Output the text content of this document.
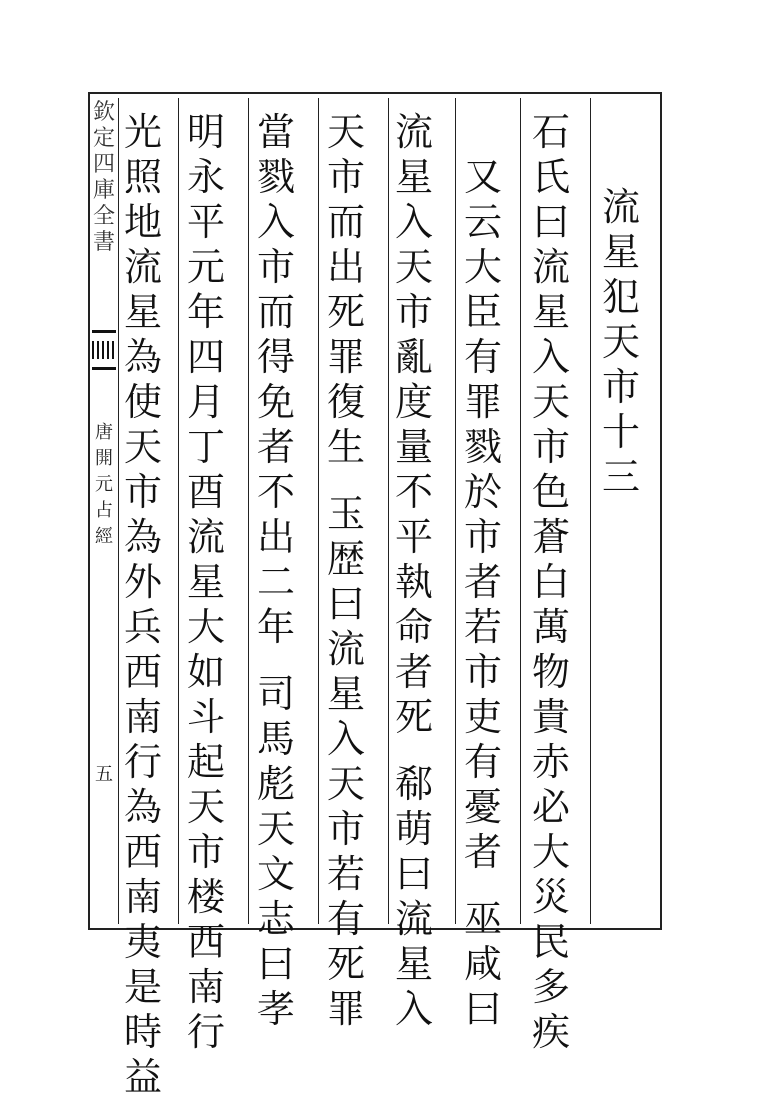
欽
定
四
庫
全
書
唐
開
元
占
經
五
流
星
犯
天
市
十
三
石
氏
曰
流
星
入
天
市
色
蒼
白
萬
物
貴
赤
必
大
災
民
多
疾
又
云
大
臣
有
罪
戮
於
市
者
若
市
吏
有
憂
者
巫
咸
曰
流
星
入
天
市
亂
度
量
不
平
執
命
者
死
郗
萌
曰
流
星
入
天
市
而
出
死
罪
復
生
玉
歴
曰
流
星
入
天
市
若
有
死
罪
當
戮
入
市
而
得
免
者
不
出
二
年
司
馬
彪
天
文
志
曰
孝
明
永
平
元
年
四
月
丁
酉
流
星
大
如
斗
起
天
市
楼
西
南
行
光
照
地
流
星
為
使
天
市
為
外
兵
西
南
行
為
西
南
夷
是
時
益
